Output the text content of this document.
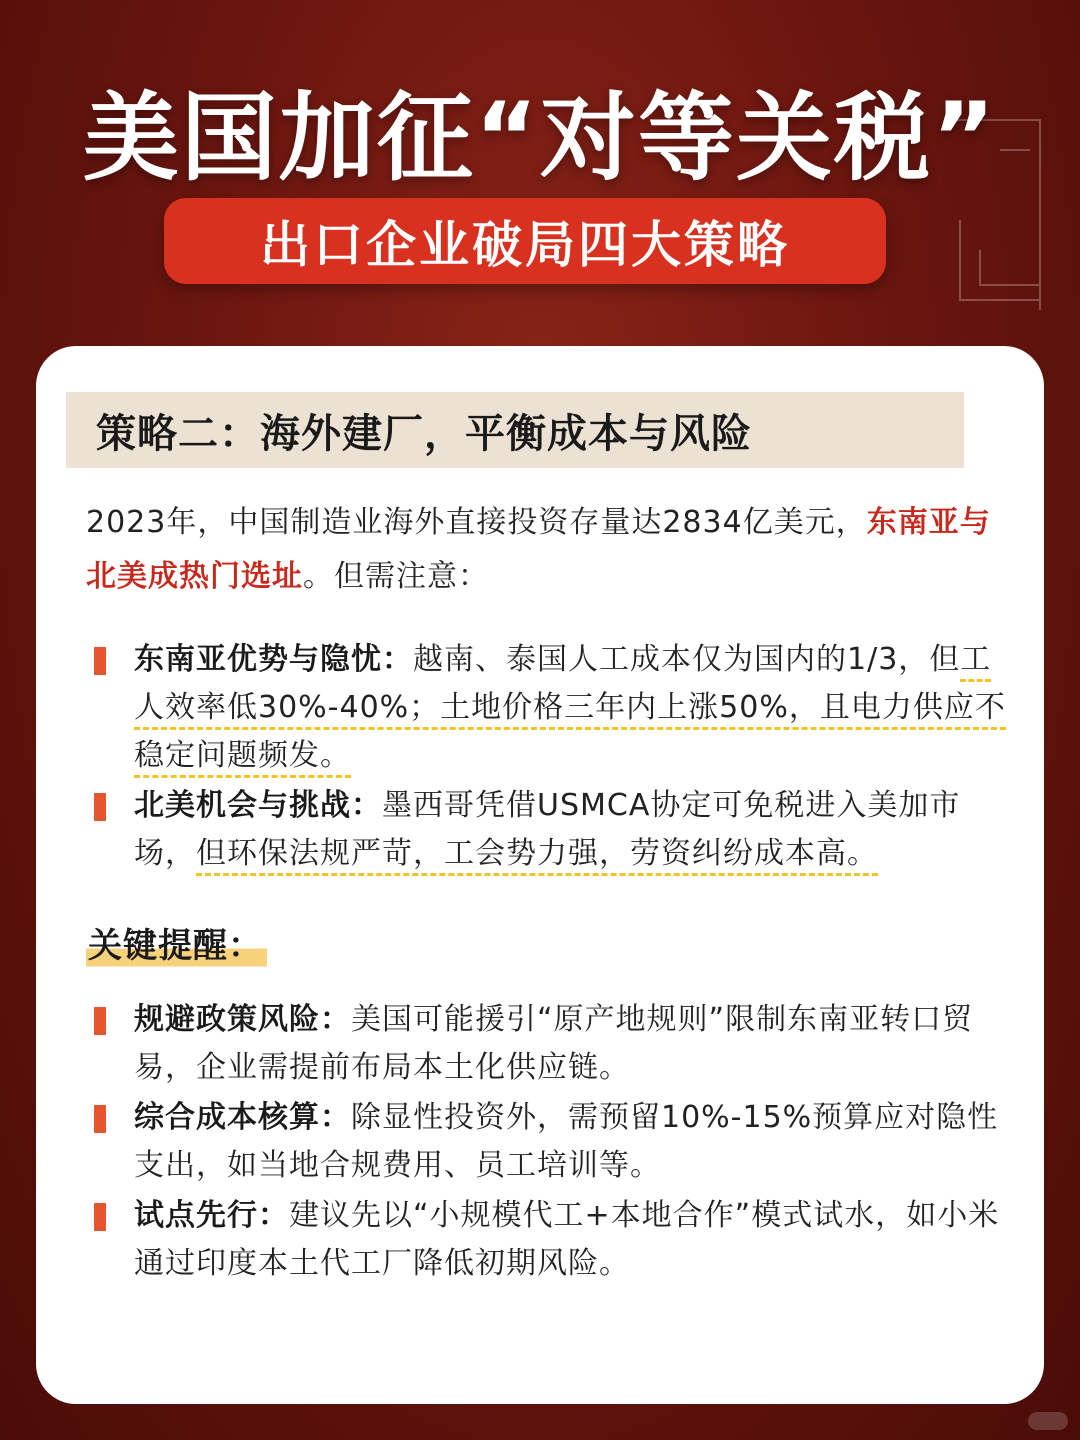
美国加征“对等关税”
出口企业破局四大策略
策略二：海外建厂，平衡成本与风险

2023年，中国制造业海外直接投资存量达2834亿美元，东南亚与北美成热门选址。但需注意：

东南亚优势与隐忧：越南、泰国人工成本仅为国内的1/3，但工人效率低30%-40%；土地价格三年内上涨50%，且电力供应不稳定问题频发。
北美机会与挑战：墨西哥凭借USMCA协定可免税进入美加市场，但环保法规严苛，工会势力强，劳资纠纷成本高。
关键提醒：
规避政策风险：美国可能援引“原产地规则”限制东南亚转口贸易，企业需提前布局本土化供应链。
综合成本核算：除显性投资外，需预留10%-15%预算应对隐性支出，如当地合规费用、员工培训等。
试点先行：建议先以“小规模代工+本地合作”模式试水，如小米通过印度本土代工厂降低初期风险。
